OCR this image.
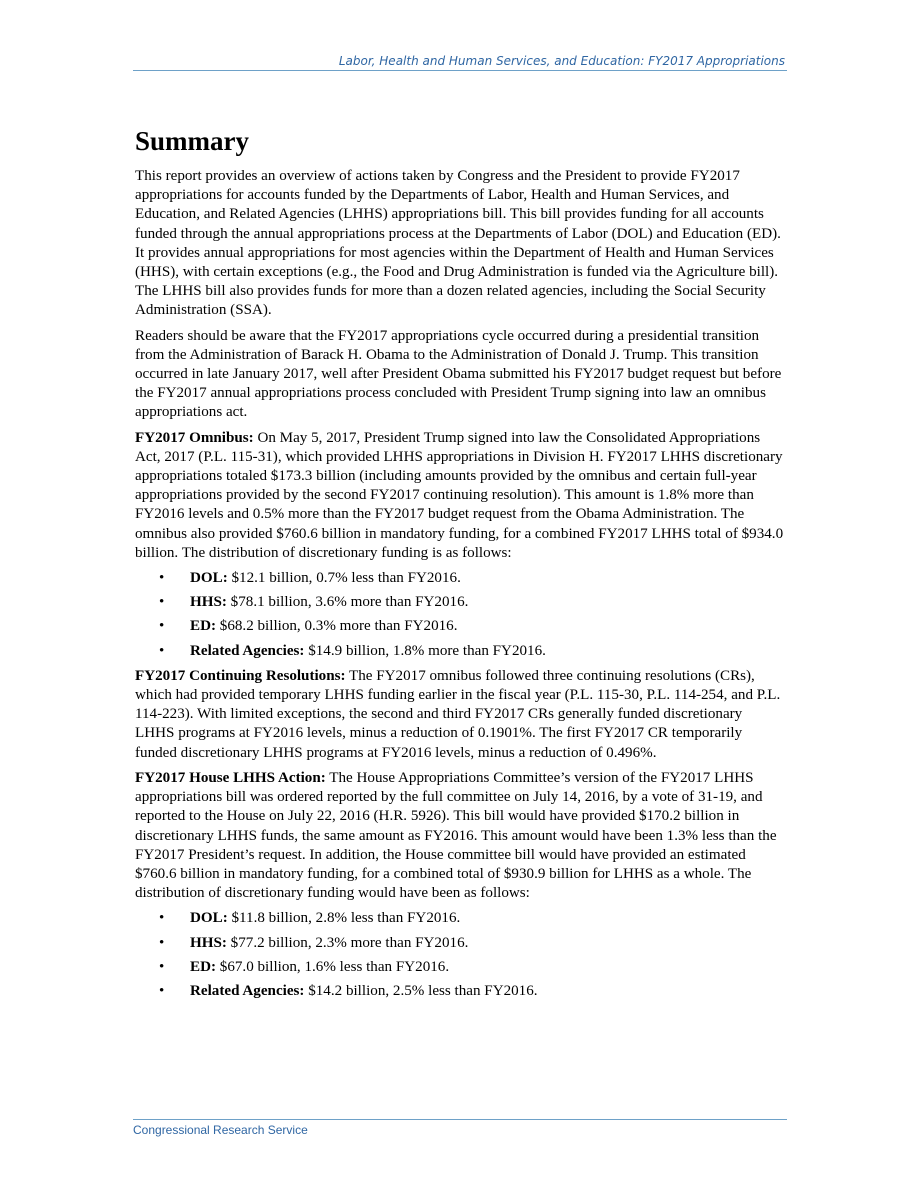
Labor, Health and Human Services, and Education: FY2017 Appropriations
Summary

This report provides an overview of actions taken by Congress and the President to provide FY2017 appropriations for accounts funded by the Departments of Labor, Health and Human Services, and Education, and Related Agencies (LHHS) appropriations bill. This bill provides funding for all accounts funded through the annual appropriations process at the Departments of Labor (DOL) and Education (ED). It provides annual appropriations for most agencies within the Department of Health and Human Services (HHS), with certain exceptions (e.g., the Food and Drug Administration is funded via the Agriculture bill). The LHHS bill also provides funds for more than a dozen related agencies, including the Social Security Administration (SSA).

Readers should be aware that the FY2017 appropriations cycle occurred during a presidential transition from the Administration of Barack H. Obama to the Administration of Donald J. Trump. This transition occurred in late January 2017, well after President Obama submitted his FY2017 budget request but before the FY2017 annual appropriations process concluded with President Trump signing into law an omnibus appropriations act.

FY2017 Omnibus: On May 5, 2017, President Trump signed into law the Consolidated Appropriations Act, 2017 (P.L. 115-31), which provided LHHS appropriations in Division H. FY2017 LHHS discretionary appropriations totaled $173.3 billion (including amounts provided by the omnibus and certain full-year appropriations provided by the second FY2017 continuing resolution). This amount is 1.8% more than FY2016 levels and 0.5% more than the FY2017 budget request from the Obama Administration. The omnibus also provided $760.6 billion in mandatory funding, for a combined FY2017 LHHS total of $934.0 billion. The distribution of discretionary funding is as follows:

• DOL: $12.1 billion, 0.7% less than FY2016.
• HHS: $78.1 billion, 3.6% more than FY2016.
• ED: $68.2 billion, 0.3% more than FY2016.
• Related Agencies: $14.9 billion, 1.8% more than FY2016.

FY2017 Continuing Resolutions: The FY2017 omnibus followed three continuing resolutions (CRs), which had provided temporary LHHS funding earlier in the fiscal year (P.L. 115-30, P.L. 114-254, and P.L. 114-223). With limited exceptions, the second and third FY2017 CRs generally funded discretionary LHHS programs at FY2016 levels, minus a reduction of 0.1901%. The first FY2017 CR temporarily funded discretionary LHHS programs at FY2016 levels, minus a reduction of 0.496%.

FY2017 House LHHS Action: The House Appropriations Committee’s version of the FY2017 LHHS appropriations bill was ordered reported by the full committee on July 14, 2016, by a vote of 31-19, and reported to the House on July 22, 2016 (H.R. 5926). This bill would have provided $170.2 billion in discretionary LHHS funds, the same amount as FY2016. This amount would have been 1.3% less than the FY2017 President’s request. In addition, the House committee bill would have provided an estimated $760.6 billion in mandatory funding, for a combined total of $930.9 billion for LHHS as a whole. The distribution of discretionary funding would have been as follows:

• DOL: $11.8 billion, 2.8% less than FY2016.
• HHS: $77.2 billion, 2.3% more than FY2016.
• ED: $67.0 billion, 1.6% less than FY2016.
• Related Agencies: $14.2 billion, 2.5% less than FY2016.
Congressional Research Service
